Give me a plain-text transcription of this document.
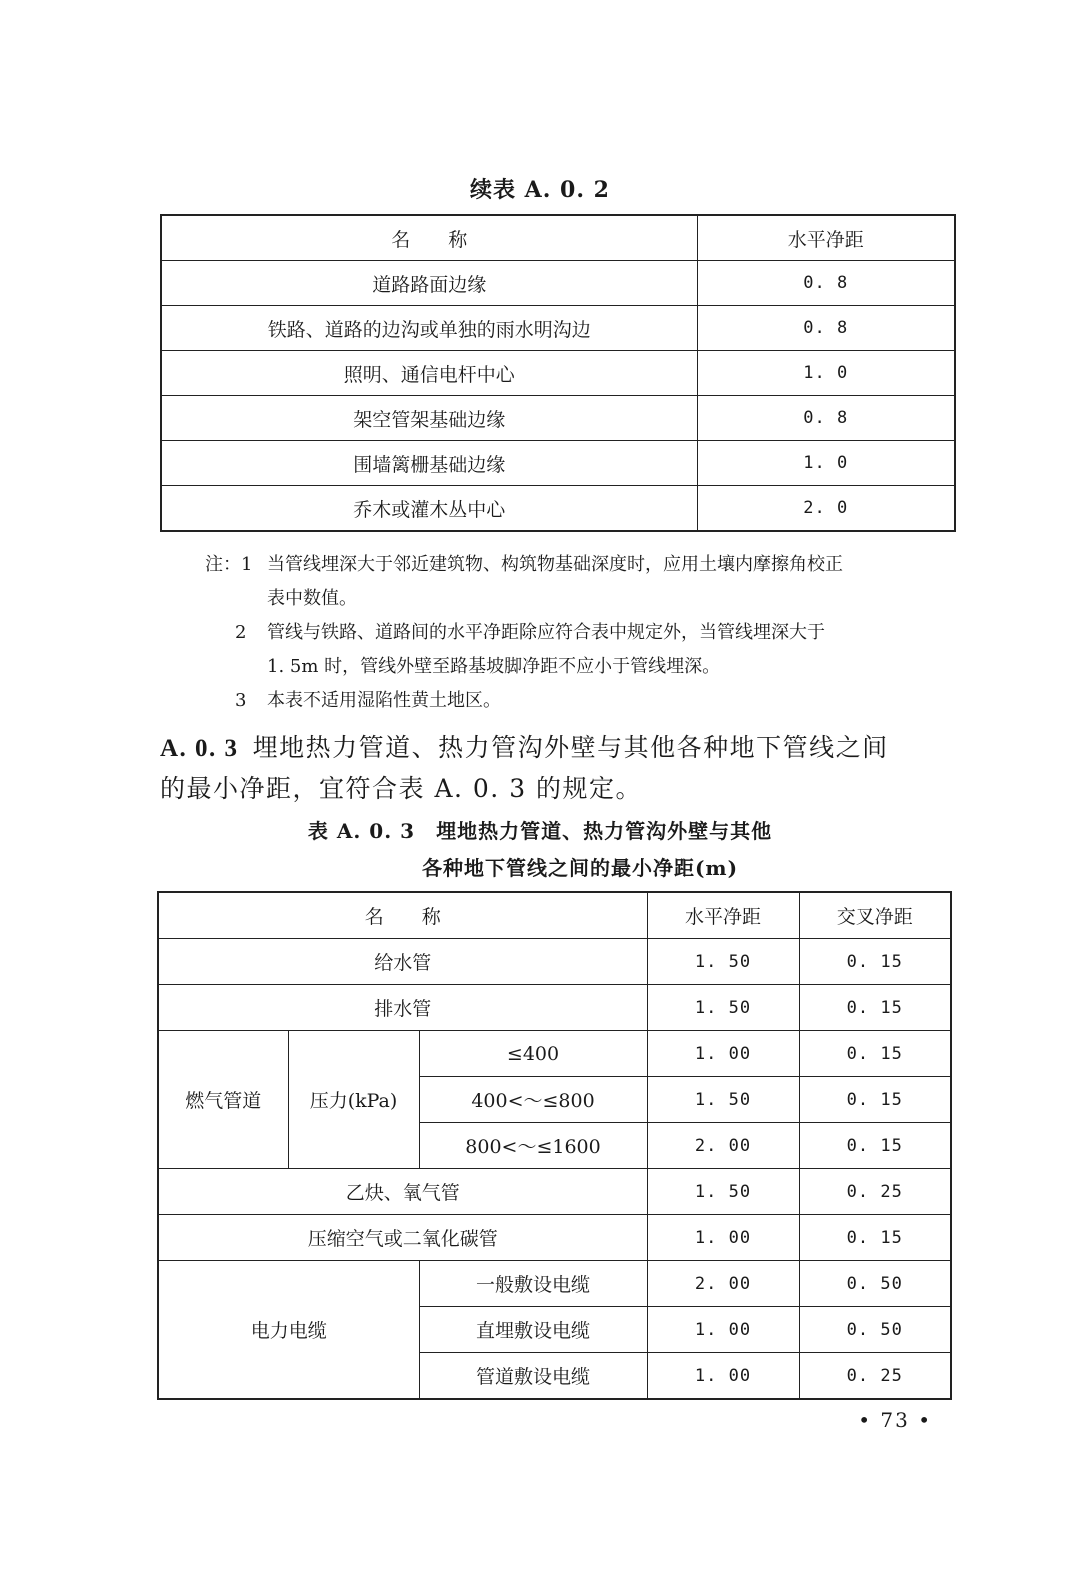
续表 A. 0. 2
名　　称	水平净距
道路路面边缘	0. 8
铁路、道路的边沟或单独的雨水明沟边	0. 8
照明、通信电杆中心	1. 0
架空管架基础边缘	0. 8
围墙篱栅基础边缘	1. 0
乔木或灌木丛中心	2. 0
注：1 当管线埋深大于邻近建筑物、构筑物基础深度时，应用土壤内摩擦角校正
表中数值。
2	管线与铁路、道路间的水平净距除应符合表中规定外，当管线埋深大于
1. 5m 时，管线外壁至路基坡脚净距不应小于管线埋深。
3	本表不适用湿陷性黄土地区。
A. 0. 3 埋地热力管道、热力管沟外壁与其他各种地下管线之间
的最小净距，宜符合表 A. 0. 3 的规定。
表 A. 0. 3　埋地热力管道、热力管沟外壁与其他
各种地下管线之间的最小净距(m)
名　　称			水平净距	交叉净距
给水管			1. 50	0. 15
排水管			1. 50	0. 15
燃气管道	压力(kPa)	≤400	1. 00	0. 15
		400<～≤800	1. 50	0. 15
		800<～≤1600	2. 00	0. 15
乙炔、氧气管			1. 50	0. 25
压缩空气或二氧化碳管			1. 00	0. 15
电力电缆		一般敷设电缆	2. 00	0. 50
		直埋敷设电缆	1. 00	0. 50
		管道敷设电缆	1. 00	0. 25
• 73 •
